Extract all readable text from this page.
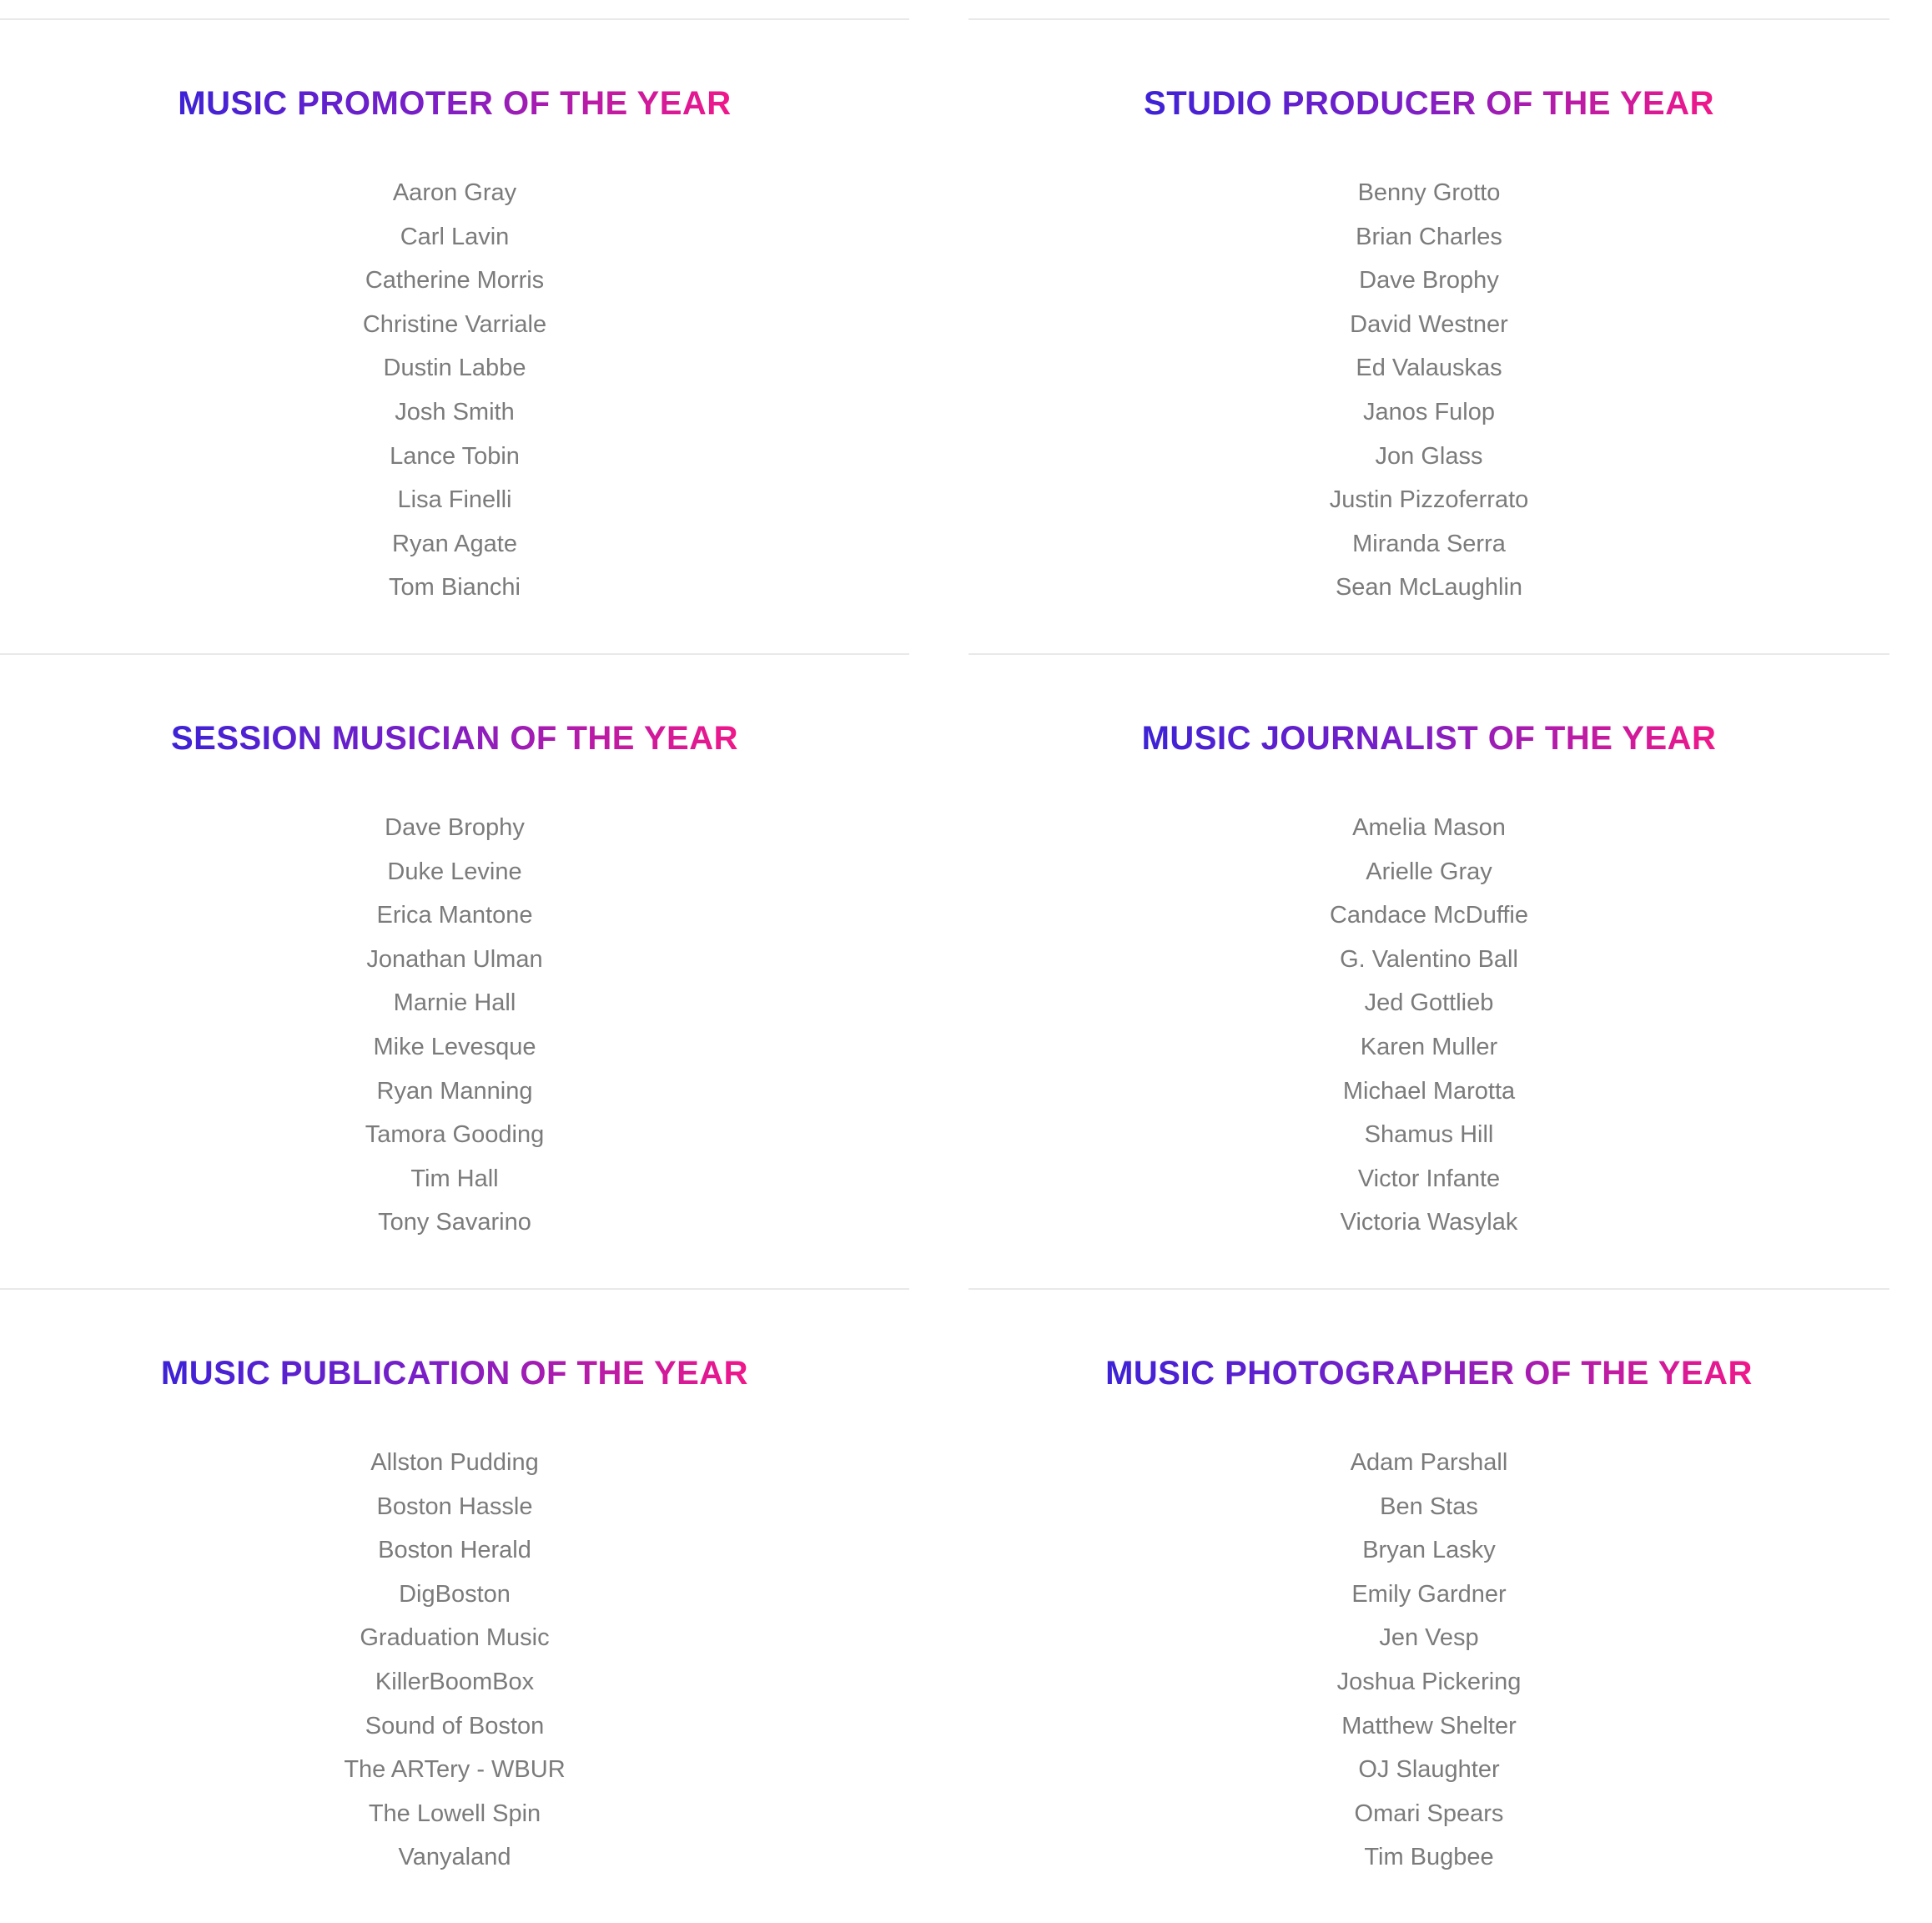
MUSIC PROMOTER OF THE YEAR
Aaron Gray
Carl Lavin
Catherine Morris
Christine Varriale
Dustin Labbe
Josh Smith
Lance Tobin
Lisa Finelli
Ryan Agate
Tom Bianchi
SESSION MUSICIAN OF THE YEAR
Dave Brophy
Duke Levine
Erica Mantone
Jonathan Ulman
Marnie Hall
Mike Levesque
Ryan Manning
Tamora Gooding
Tim Hall
Tony Savarino
MUSIC PUBLICATION OF THE YEAR
Allston Pudding
Boston Hassle
Boston Herald
DigBoston
Graduation Music
KillerBoomBox
Sound of Boston
The ARTery - WBUR
The Lowell Spin
Vanyaland
STUDIO PRODUCER OF THE YEAR
Benny Grotto
Brian Charles
Dave Brophy
David Westner
Ed Valauskas
Janos Fulop
Jon Glass
Justin Pizzoferrato
Miranda Serra
Sean McLaughlin
MUSIC JOURNALIST OF THE YEAR
Amelia Mason
Arielle Gray
Candace McDuffie
G. Valentino Ball
Jed Gottlieb
Karen Muller
Michael Marotta
Shamus Hill
Victor Infante
Victoria Wasylak
MUSIC PHOTOGRAPHER OF THE YEAR
Adam Parshall
Ben Stas
Bryan Lasky
Emily Gardner
Jen Vesp
Joshua Pickering
Matthew Shelter
OJ Slaughter
Omari Spears
Tim Bugbee
